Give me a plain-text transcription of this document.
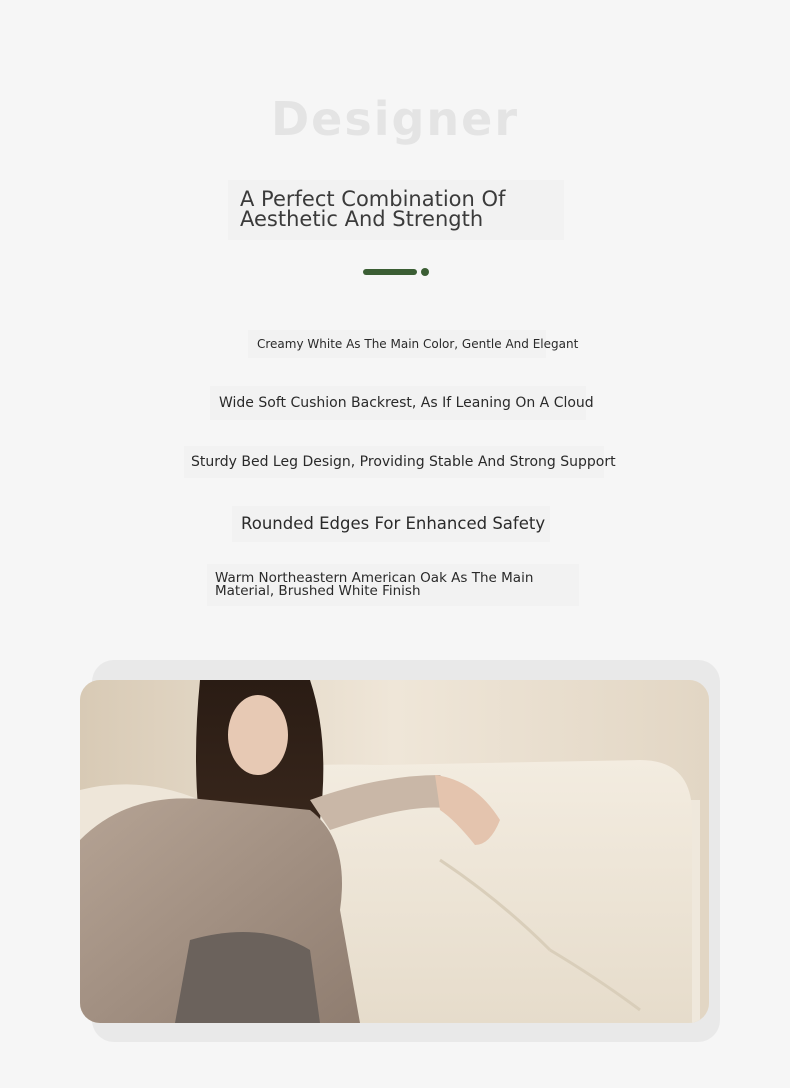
Designer
A Perfect Combination Of
Aesthetic And Strength
Creamy White As The Main Color, Gentle And Elegant
Wide Soft Cushion Backrest, As If Leaning On A Cloud
Sturdy Bed Leg Design, Providing Stable And Strong Support
Rounded Edges For Enhanced Safety
Warm Northeastern American Oak As The Main
Material, Brushed White Finish
